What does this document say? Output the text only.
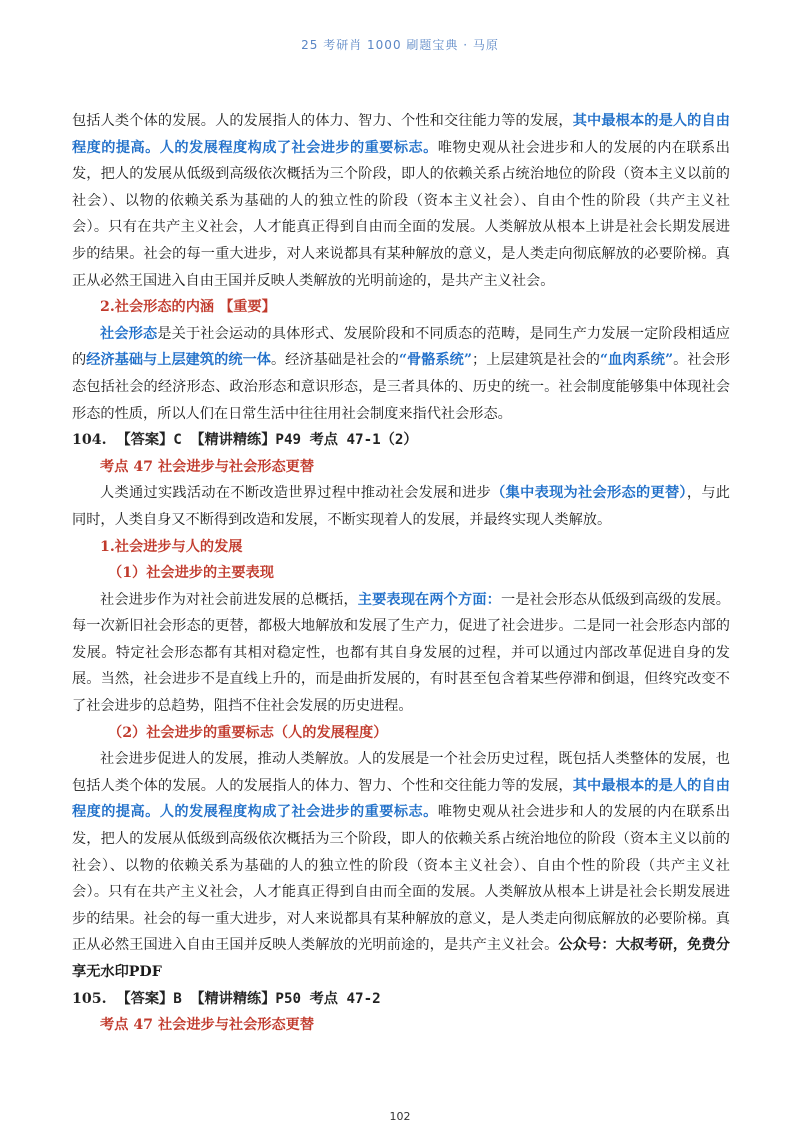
25 考研肖 1000 刷题宝典 · 马原

包括人类个体的发展。人的发展指人的体力、智力、个性和交往能力等的发展，其中最根本的是人的自由程度的提高。人的发展程度构成了社会进步的重要标志。唯物史观从社会进步和人的发展的内在联系出发，把人的发展从低级到高级依次概括为三个阶段，即人的依赖关系占统治地位的阶段（资本主义以前的社会）、以物的依赖关系为基础的人的独立性的阶段（资本主义社会）、自由个性的阶段（共产主义社会）。只有在共产主义社会，人才能真正得到自由而全面的发展。人类解放从根本上讲是社会长期发展进步的结果。社会的每一重大进步，对人来说都具有某种解放的意义，是人类走向彻底解放的必要阶梯。真正从必然王国进入自由王国并反映人类解放的光明前途的，是共产主义社会。

2.社会形态的内涵 【重要】

社会形态是关于社会运动的具体形式、发展阶段和不同质态的范畴，是同生产力发展一定阶段相适应的经济基础与上层建筑的统一体。经济基础是社会的“骨骼系统”；上层建筑是社会的“血肉系统”。社会形态包括社会的经济形态、政治形态和意识形态，是三者具体的、历史的统一。社会制度能够集中体现社会形态的性质，所以人们在日常生活中往往用社会制度来指代社会形态。

104. 【答案】C 【精讲精练】P49 考点 47-1（2）

考点 47 社会进步与社会形态更替

人类通过实践活动在不断改造世界过程中推动社会发展和进步（集中表现为社会形态的更替），与此同时，人类自身又不断得到改造和发展，不断实现着人的发展，并最终实现人类解放。

1.社会进步与人的发展

（1）社会进步的主要表现

社会进步作为对社会前进发展的总概括，主要表现在两个方面：一是社会形态从低级到高级的发展。每一次新旧社会形态的更替，都极大地解放和发展了生产力，促进了社会进步。二是同一社会形态内部的发展。特定社会形态都有其相对稳定性，也都有其自身发展的过程，并可以通过内部改革促进自身的发展。当然，社会进步不是直线上升的，而是曲折发展的，有时甚至包含着某些停滞和倒退，但终究改变不了社会进步的总趋势，阻挡不住社会发展的历史进程。

（2）社会进步的重要标志（人的发展程度）

社会进步促进人的发展，推动人类解放。人的发展是一个社会历史过程，既包括人类整体的发展，也包括人类个体的发展。人的发展指人的体力、智力、个性和交往能力等的发展，其中最根本的是人的自由程度的提高。人的发展程度构成了社会进步的重要标志。唯物史观从社会进步和人的发展的内在联系出发，把人的发展从低级到高级依次概括为三个阶段，即人的依赖关系占统治地位的阶段（资本主义以前的社会）、以物的依赖关系为基础的人的独立性的阶段（资本主义社会）、自由个性的阶段（共产主义社会）。只有在共产主义社会，人才能真正得到自由而全面的发展。人类解放从根本上讲是社会长期发展进步的结果。社会的每一重大进步，对人来说都具有某种解放的意义，是人类走向彻底解放的必要阶梯。真正从必然王国进入自由王国并反映人类解放的光明前途的，是共产主义社会。公众号：大叔考研，免费分享无水印PDF

105. 【答案】B 【精讲精练】P50 考点 47-2

考点 47 社会进步与社会形态更替

102
